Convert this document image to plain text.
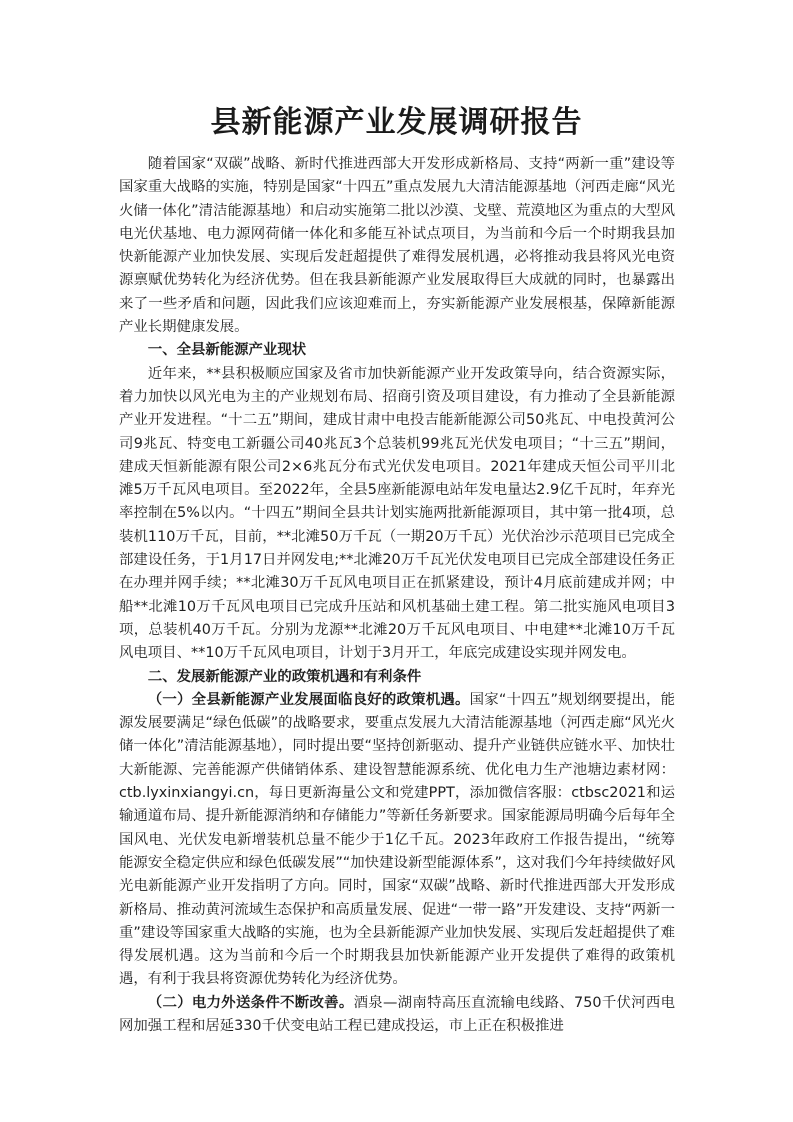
县新能源产业发展调研报告

随着国家“双碳”战略、新时代推进西部大开发形成新格局、支持“两新一重”建设等国家重大战略的实施，特别是国家“十四五”重点发展九大清洁能源基地（河西走廊“风光火储一体化”清洁能源基地）和启动实施第二批以沙漠、戈壁、荒漠地区为重点的大型风电光伏基地、电力源网荷储一体化和多能互补试点项目，为当前和今后一个时期我县加快新能源产业加快发展、实现后发赶超提供了难得发展机遇，必将推动我县将风光电资源禀赋优势转化为经济优势。但在我县新能源产业发展取得巨大成就的同时，也暴露出来了一些矛盾和问题，因此我们应该迎难而上，夯实新能源产业发展根基，保障新能源产业长期健康发展。

一、全县新能源产业现状

近年来，**县积极顺应国家及省市加快新能源产业开发政策导向，结合资源实际，着力加快以风光电为主的产业规划布局、招商引资及项目建设，有力推动了全县新能源产业开发进程。“十二五”期间，建成甘肃中电投吉能新能源公司50兆瓦、中电投黄河公司9兆瓦、特变电工新疆公司40兆瓦3个总装机99兆瓦光伏发电项目；“十三五”期间，建成天恒新能源有限公司2×6兆瓦分布式光伏发电项目。2021年建成天恒公司平川北滩5万千瓦风电项目。至2022年，全县5座新能源电站年发电量达2.9亿千瓦时，年弃光率控制在5%以内。“十四五”期间全县共计划实施两批新能源项目，其中第一批4项，总装机110万千瓦，目前，**北滩50万千瓦（一期20万千瓦）光伏治沙示范项目已完成全部建设任务，于1月17日并网发电;**北滩20万千瓦光伏发电项目已完成全部建设任务正在办理并网手续；**北滩30万千瓦风电项目正在抓紧建设，预计4月底前建成并网；中船**北滩10万千瓦风电项目已完成升压站和风机基础土建工程。第二批实施风电项目3项，总装机40万千瓦。分别为龙源**北滩20万千瓦风电项目、中电建**北滩10万千瓦风电项目、**10万千瓦风电项目，计划于3月开工，年底完成建设实现并网发电。

二、发展新能源产业的政策机遇和有利条件

（一）全县新能源产业发展面临良好的政策机遇。国家“十四五”规划纲要提出，能源发展要满足“绿色低碳”的战略要求，要重点发展九大清洁能源基地（河西走廊“风光火储一体化”清洁能源基地），同时提出要“坚持创新驱动、提升产业链供应链水平、加快壮大新能源、完善能源产供储销体系、建设智慧能源系统、优化电力生产池塘边素材网：ctb.lyxinxiangyi.cn，每日更新海量公文和党建PPT，添加微信客服：ctbsc2021和运输通道布局、提升新能源消纳和存储能力”等新任务新要求。国家能源局明确今后每年全国风电、光伏发电新增装机总量不能少于1亿千瓦。2023年政府工作报告提出，“统筹能源安全稳定供应和绿色低碳发展”“加快建设新型能源体系”，这对我们今年持续做好风光电新能源产业开发指明了方向。同时，国家“双碳”战略、新时代推进西部大开发形成新格局、推动黄河流域生态保护和高质量发展、促进“一带一路”开发建设、支持“两新一重”建设等国家重大战略的实施，也为全县新能源产业加快发展、实现后发赶超提供了难得发展机遇。这为当前和今后一个时期我县加快新能源产业开发提供了难得的政策机遇，有利于我县将资源优势转化为经济优势。

（二）电力外送条件不断改善。酒泉—湖南特高压直流输电线路、750千伏河西电网加强工程和居延330千伏变电站工程已建成投运，市上正在积极推进
